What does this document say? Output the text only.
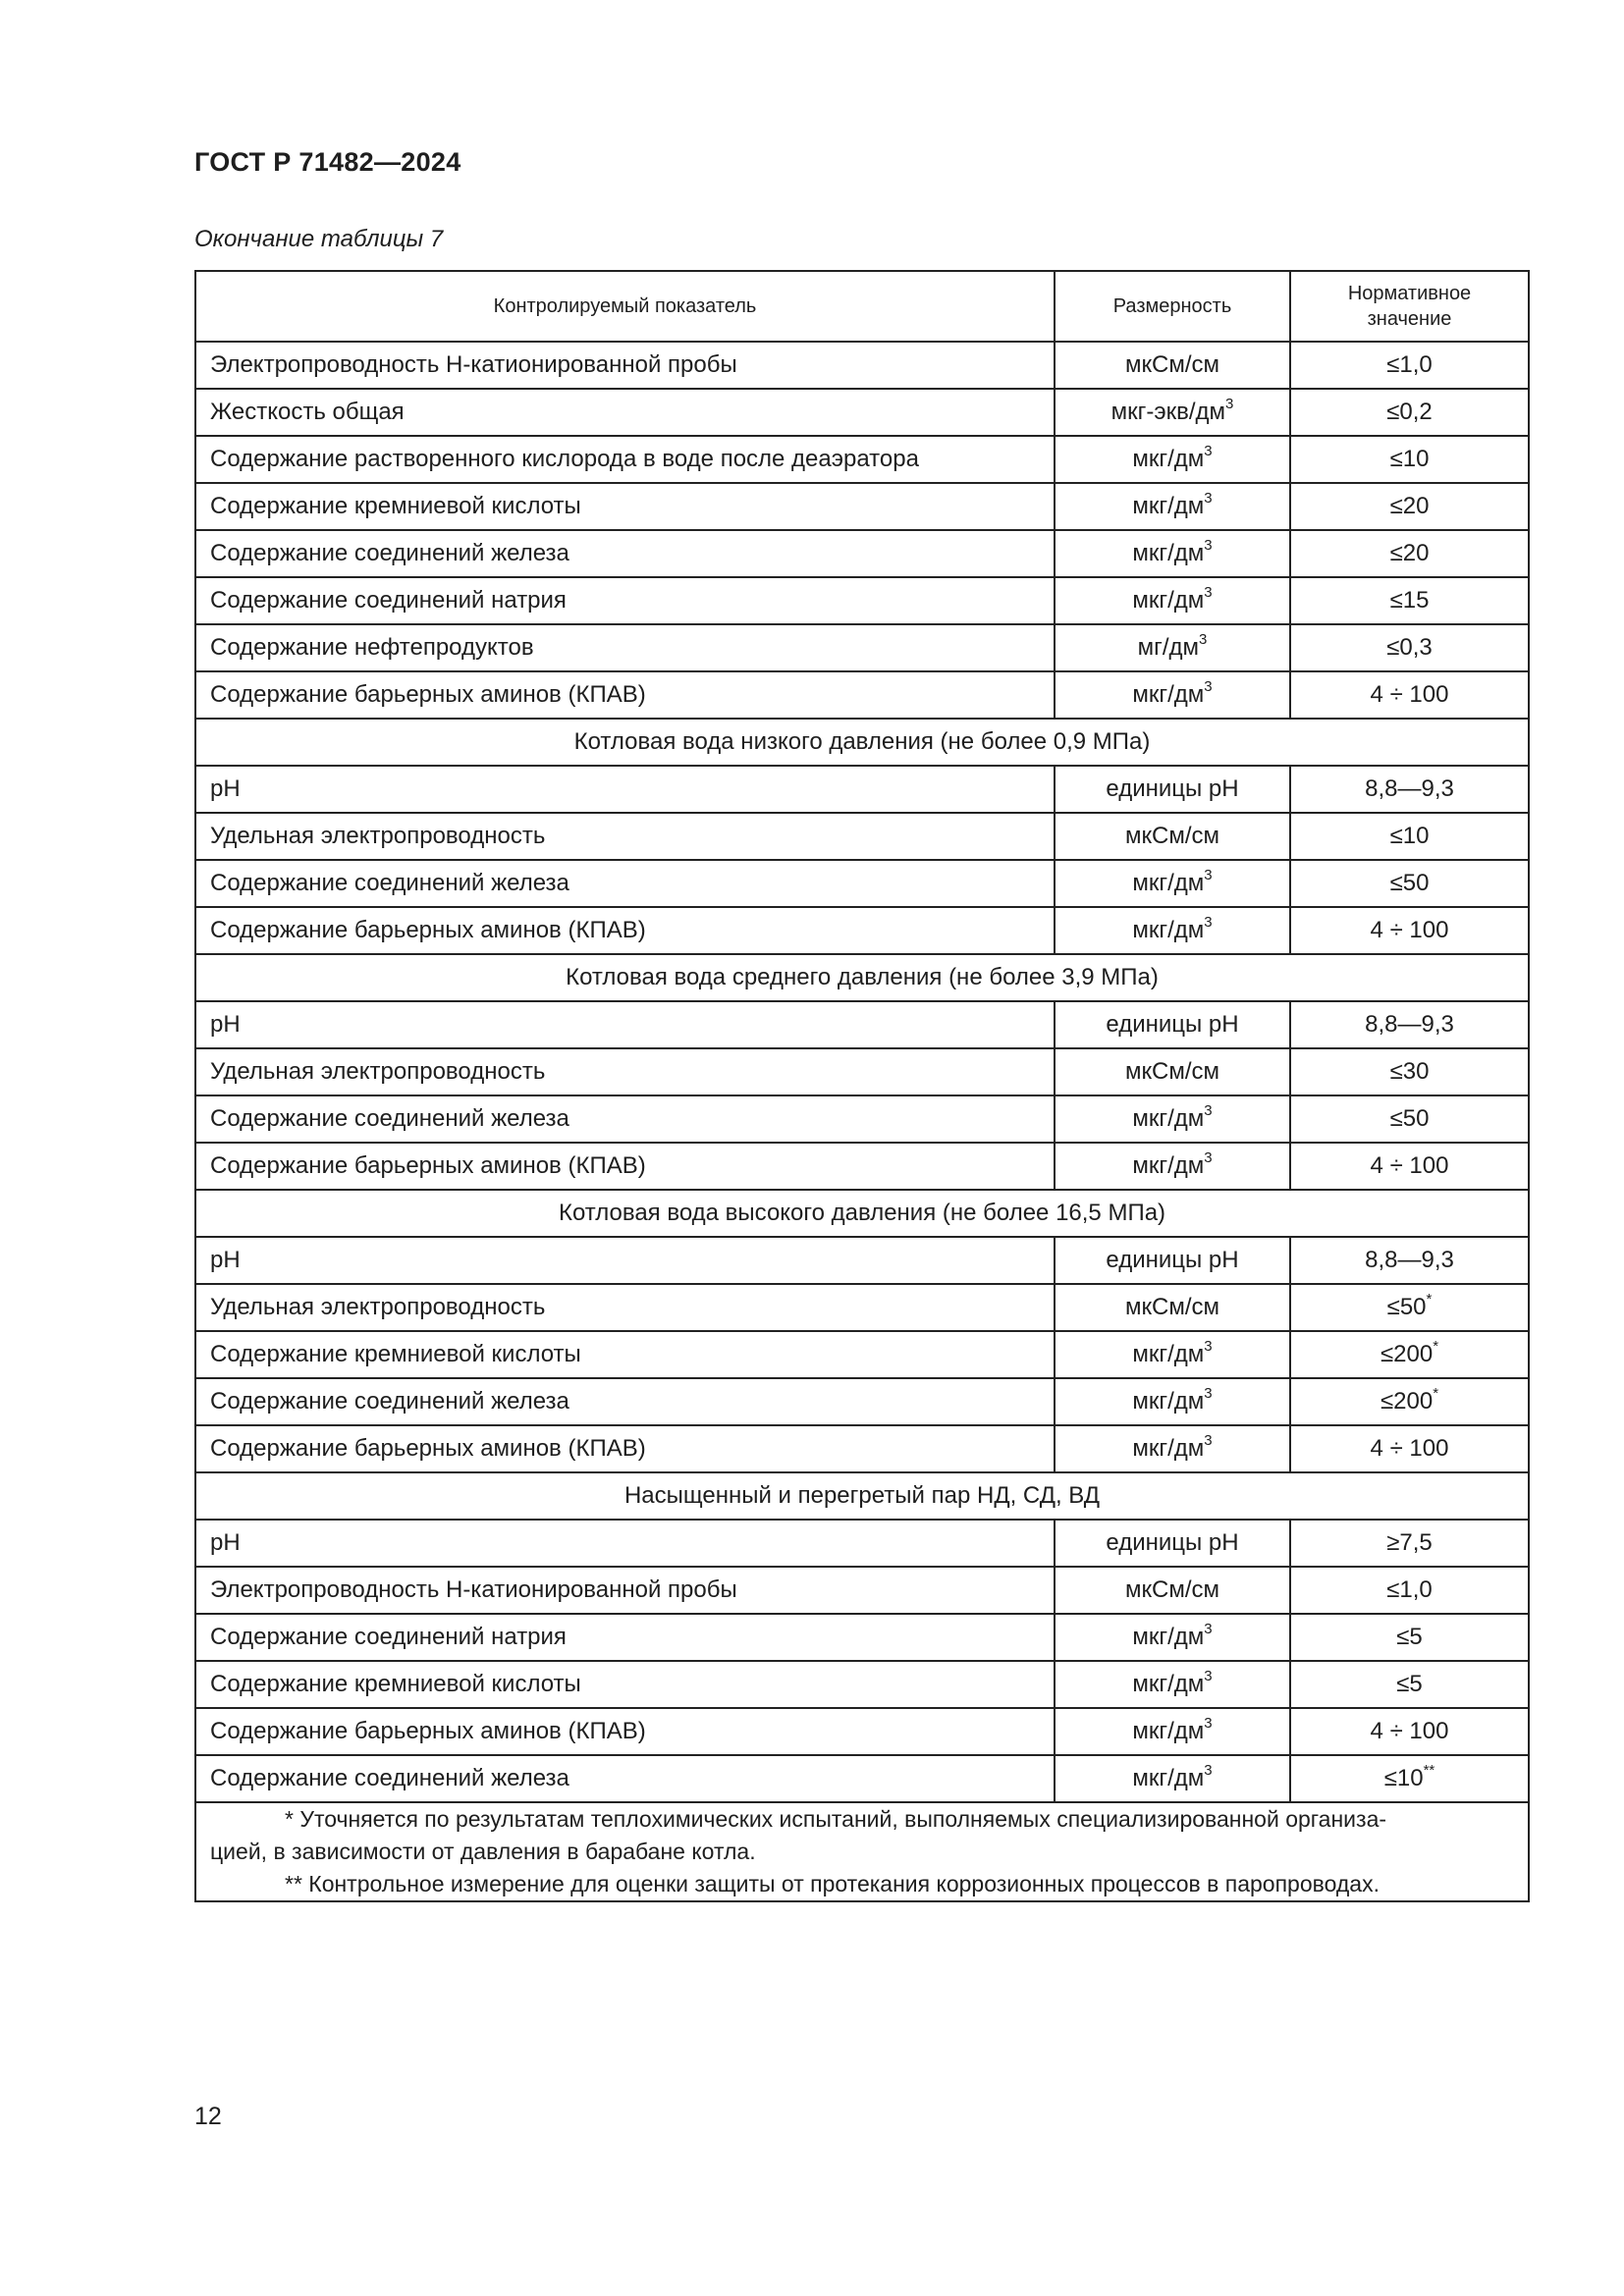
ГОСТ Р 71482—2024
Окончание таблицы 7
Контролируемый показатель	Размерность	Нормативное значение
Электропроводность Н-катионированной пробы	мкСм/см	≤1,0
Жесткость общая	мкг-$экв/дм^3$	≤0,2
Содержание растворенного кислорода в воде после деаэратора	мкг/$дм^3$	≤10
Содержание кремниевой кислоты	мкг/$дм^3$	≤20
Содержание соединений железа	мкг/$дм^3$	≤20
Содержание соединений натрия	мкг/$дм^3$	≤15
Содержание нефтепродуктов	$мг/дм^3$	≤0,3
Содержание барьерных аминов (КПАВ)	мкг/$дм^3$	4 ÷ 100
Котловая вода низкого давления (не более 0,9 МПа)		
pH	единицы pH	8,8—9,3
Удельная электропроводность	мкСм/см	≤10
Содержание соединений железа	мкг/$дм^3$	≤50
Содержание барьерных аминов (КПАВ)	мкг/$дм^3$	4 ÷ 100
Котловая вода среднего давления (не более 3,9 МПа)		
pH	единицы pH	8,8—9,3
Удельная электропроводность	мкСм/см	≤30
Содержание соединений железа	мкг/$дм^3$	≤50
Содержание барьерных аминов (КПАВ)	мкг/$дм^3$	4 ÷ 100
Котловая вода высокого давления (не более 16,5 МПа)		
pH	единицы pH	8,8—9,3
Удельная электропроводность	мкСм/см	≤50*
Содержание кремниевой кислоты	мкг/$дм^3$	≤200*
Содержание соединений железа	мкг/$дм^3$	≤200*
Содержание барьерных аминов (КПАВ)	мкг/$дм^3$	4 ÷ 100
Насыщенный и перегретый пар НД, СД, ВД		
pH	единицы pH	≥7,5
Электропроводность Н-катионированной пробы	мкСм/см	≤1,0
Содержание соединений натрия	мкг/$дм^3$	≤5
Содержание кремниевой кислоты	мкг/$дм^3$	≤5
Содержание барьерных аминов (КПАВ)	мкг/$дм^3$	4 ÷ 100
Содержание соединений железа	мкг/$дм^3$	≤10**

* Уточняется по результатам теплохимических испытаний, выполняемых специализированной организа-
цией, в зависимости от давления в барабане котла.
** Контрольное измерение для оценки защиты от протекания коррозионных процессов в паропроводах.		
12
